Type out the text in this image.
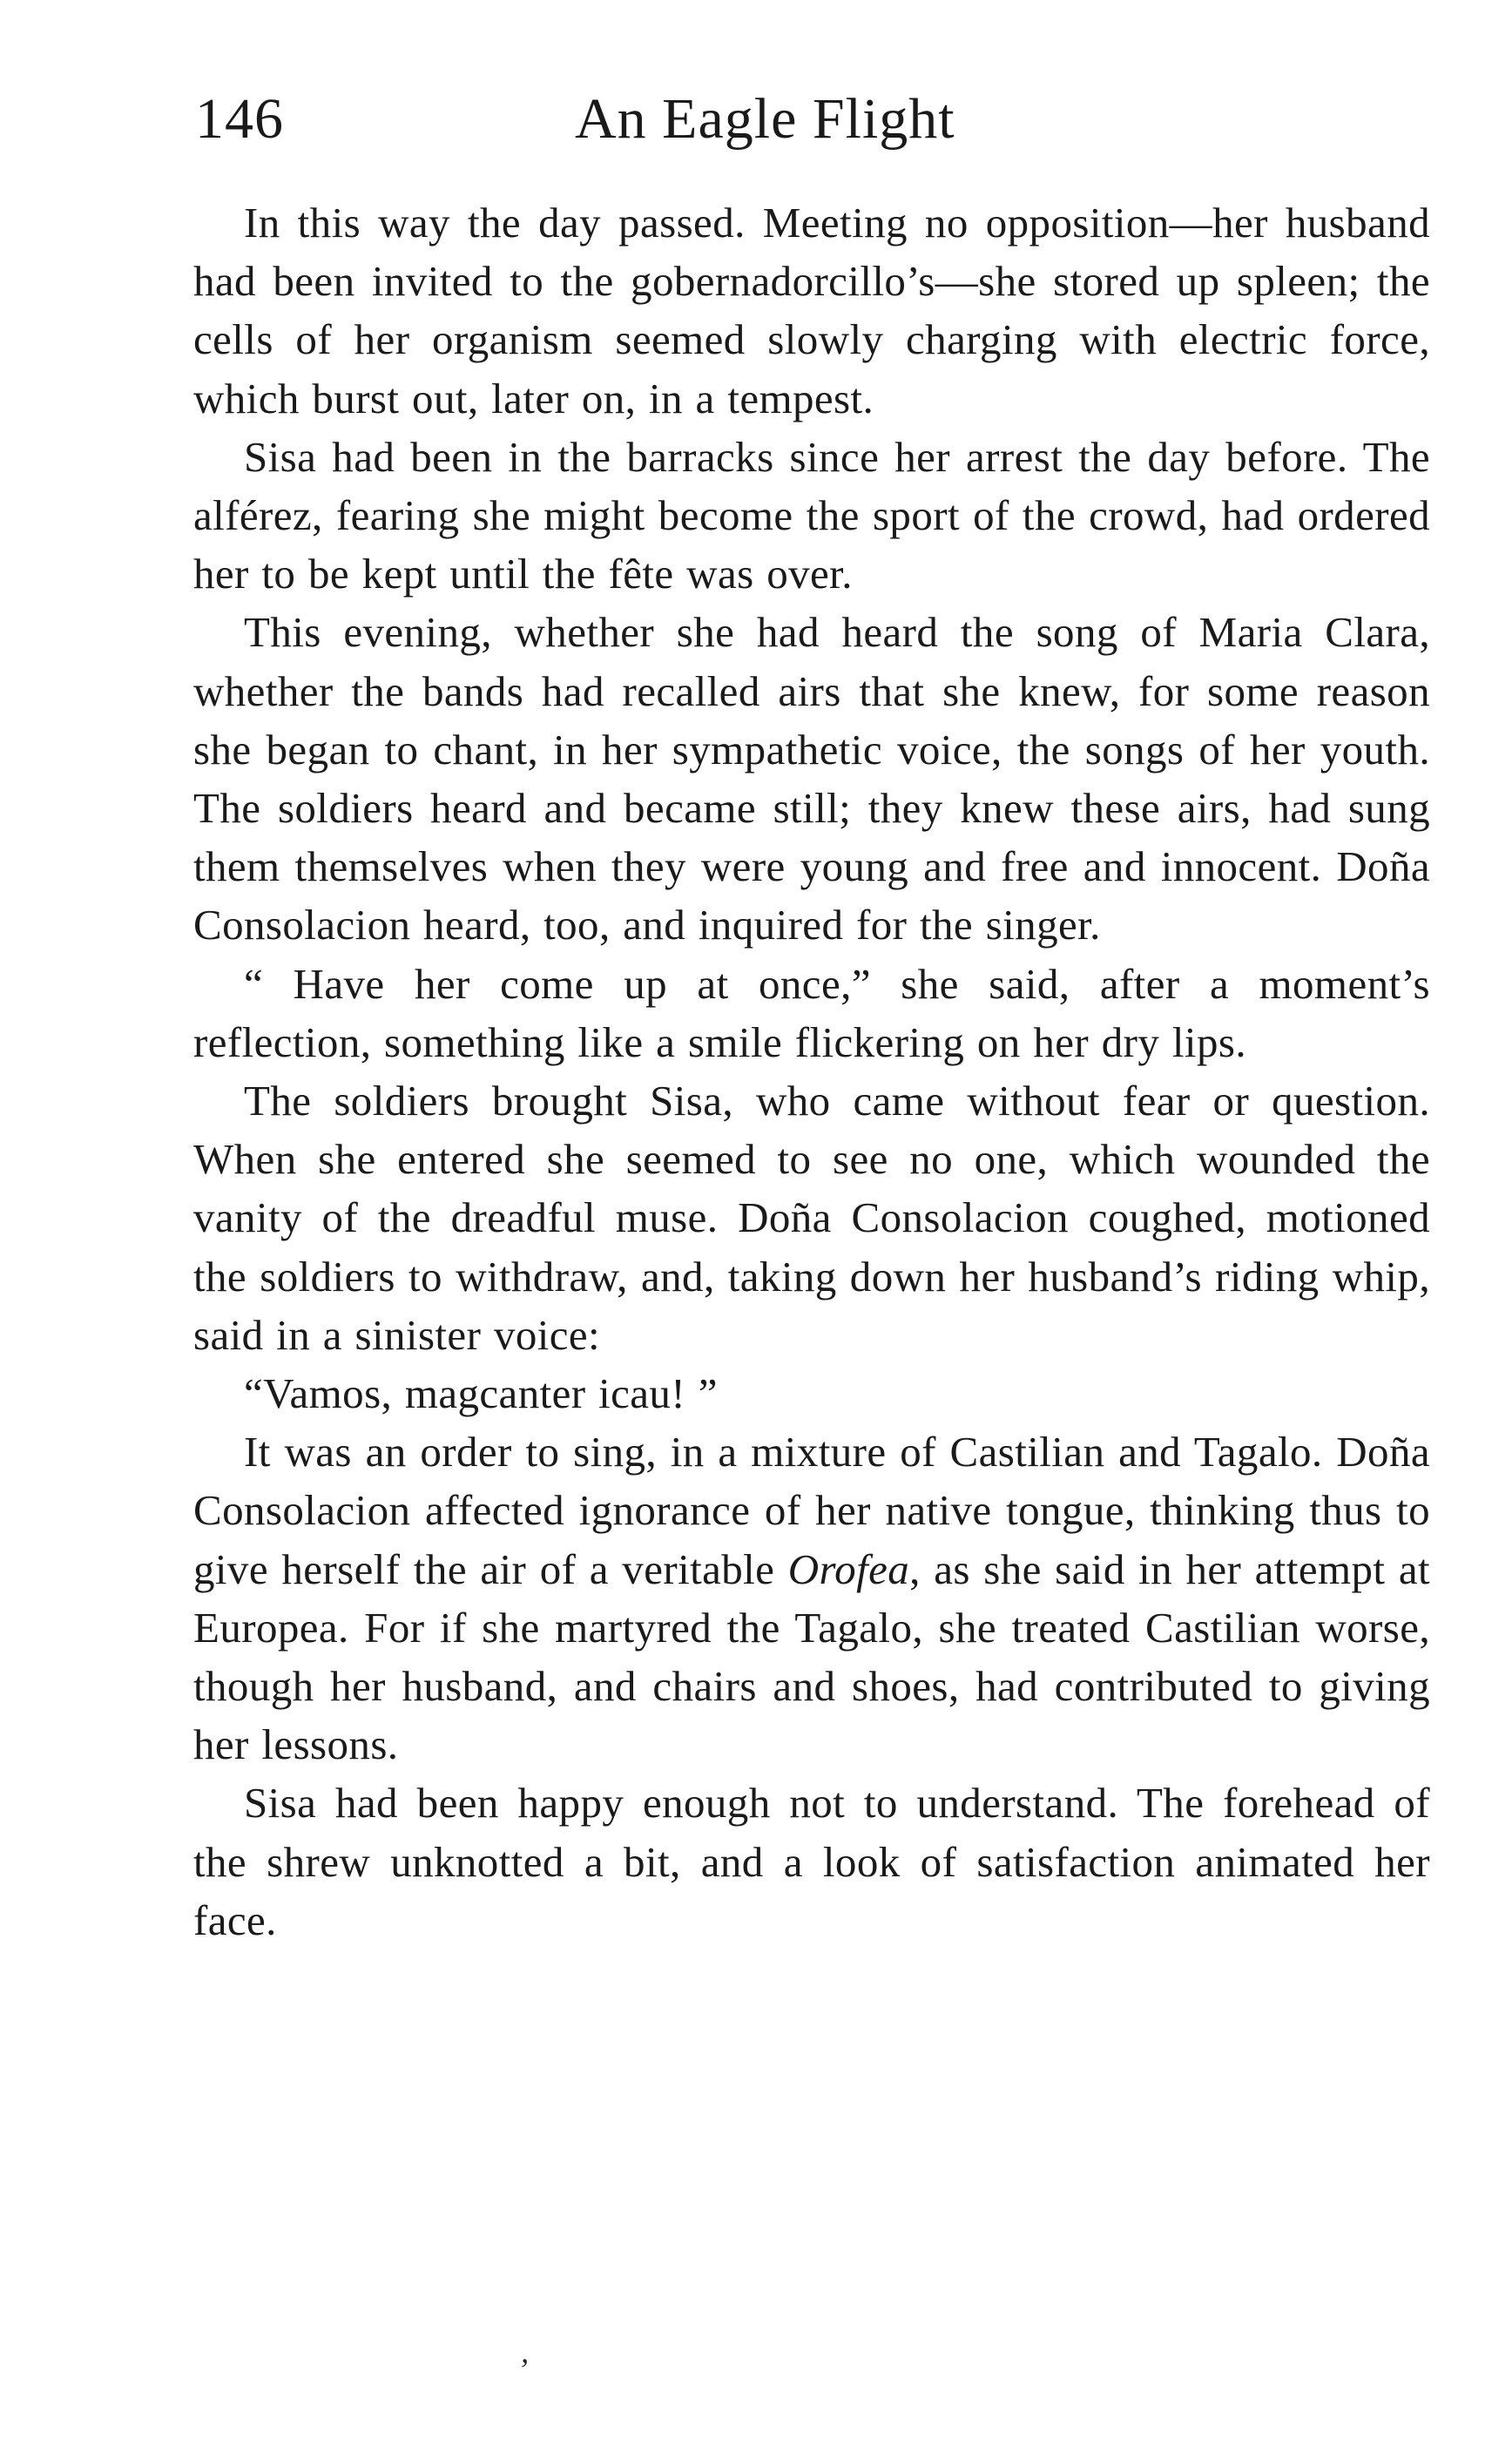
146	An Eagle Flight

In this way the day passed. Meeting no opposition—her husband had been invited to the gobernadorcillo’s—she stored up spleen; the cells of her organism seemed slowly charging with electric force, which burst out, later on, in a tempest.

Sisa had been in the barracks since her arrest the day before. The alférez, fearing she might become the sport of the crowd, had ordered her to be kept until the fête was over.

This evening, whether she had heard the song of Maria Clara, whether the bands had recalled airs that she knew, for some reason she began to chant, in her sympathetic voice, the songs of her youth. The soldiers heard and became still; they knew these airs, had sung them themselves when they were young and free and innocent. Doña Consolacion heard, too, and inquired for the singer.

“ Have her come up at once,” she said, after a moment’s reflection, something like a smile flickering on her dry lips.

The soldiers brought Sisa, who came without fear or question. When she entered she seemed to see no one, which wounded the vanity of the dreadful muse. Doña Consolacion coughed, motioned the soldiers to withdraw, and, taking down her husband’s riding whip, said in a sinister voice:

“Vamos, magcanter icau! ”

It was an order to sing, in a mixture of Castilian and Tagalo. Doña Consolacion affected ignorance of her native tongue, thinking thus to give herself the air of a veritable Orofea, as she said in her attempt at Europea. For if she martyred the Tagalo, she treated Castilian worse, though her husband, and chairs and shoes, had contributed to giving her lessons.

Sisa had been happy enough not to understand. The forehead of the shrew unknotted a bit, and a look of satisfaction animated her face.

’
